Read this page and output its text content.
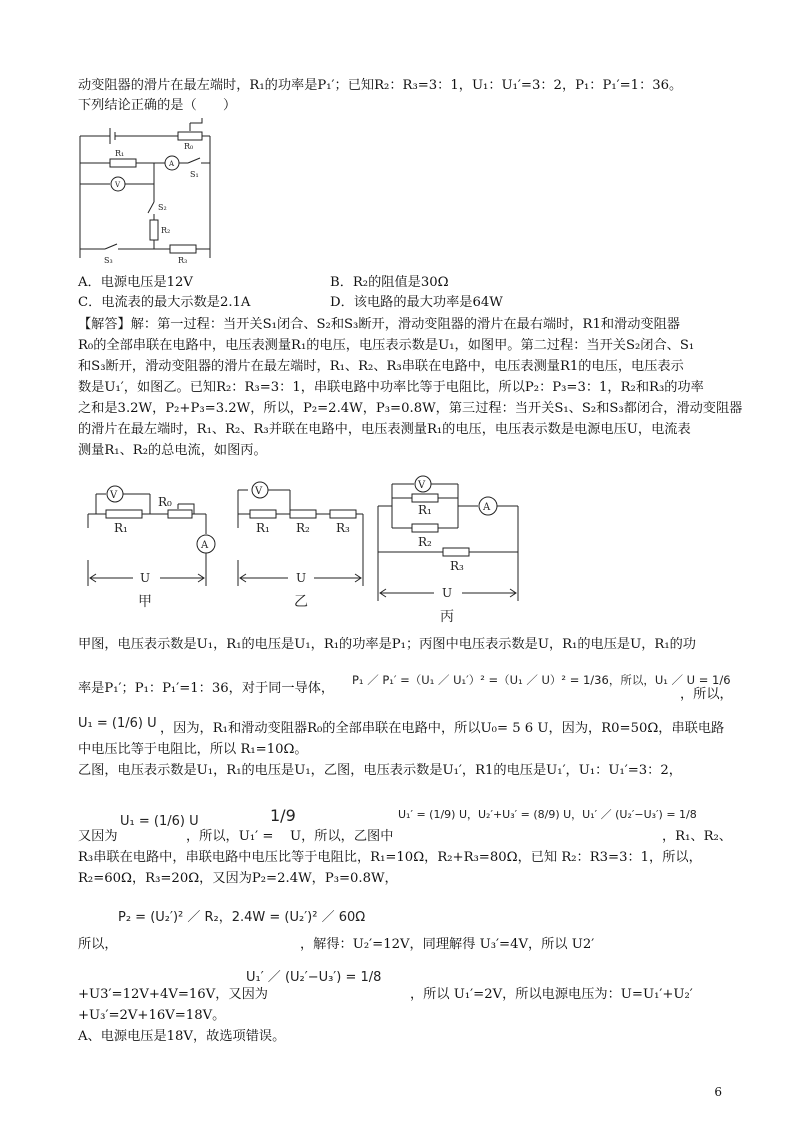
动变阻器的滑片在最左端时，R₁的功率是P₁′；已知R₂：R₃=3：1，U₁：U₁′=3：2，P₁：P₁′=1：36。
下列结论正确的是（　　）
R₀
R₁
A
V
S₁
S₂
R₂
S₃	R₃
A．电源电压是12V	B．R₂的阻值是30Ω
C．电流表的最大示数是2.1A	D．该电路的最大功率是64W
【解答】解：第一过程：当开关S₁闭合、S₂和S₃断开，滑动变阻器的滑片在最右端时，R1和滑动变阻器
R₀的全部串联在电路中，电压表测量R₁的电压，电压表示数是U₁，如图甲。第二过程：当开关S₂闭合、S₁
和S₃断开，滑动变阻器的滑片在最左端时，R₁、R₂、R₃串联在电路中，电压表测量R1的电压，电压表示
数是U₁′，如图乙。已知R₂：R₃=3：1，串联电路中功率比等于电阻比，所以P₂：P₃=3：1，R₂和R₃的功率
之和是3.2W，P₂+P₃=3.2W，所以，P₂=2.4W，P₃=0.8W，第三过程：当开关S₁、S₂和S₃都闭合，滑动变阻器
的滑片在最左端时，R₁、R₂、R₃并联在电路中，电压表测量R₁的电压，电压表示数是电源电压U，电流表
测量R₁、R₂的总电流，如图丙。
V
R₁
R₀
A
U
甲
V
R₁ R₂ R₃
U
乙
V
R₁
R₂
R₃
A
U
丙
甲图，电压表示数是U₁，R₁的电压是U₁，R₁的功率是P₁；丙图中电压表示数是U，R₁的电压是U，R₁的功
率是P₁′；P₁：P₁′=1：36，对于同一导体，
P₁ ／ P₁′ =（U₁ ／ U₁′）² =（U₁ ／ U）² = 1/36，所以，U₁ ／ U = 1/6
，所以，
U₁ = (1/6) U ，因为，R₁和滑动变阻器R₀的全部串联在电路中，所以U₀= 5 6 U，因为，R0=50Ω，串联电路
中电压比等于电阻比，所以 R₁=10Ω。
乙图，电压表示数是U₁，R₁的电压是U₁，乙图，电压表示数是U₁′，R1的电压是U₁′，U₁：U₁′=3：2，
U₁ = (1/6) U
又因为	，所以，U₁′ =
1/9
U，所以，乙图中
U₁′ = (1/9) U，U₂′+U₃′ = (8/9) U，U₁′ ／ (U₂′−U₃′) = 1/8
，R₁、R₂、
R₃串联在电路中，串联电路中电压比等于电阻比，R₁=10Ω，R₂+R₃=80Ω，已知 R₂：R3=3：1，所以，
R₂=60Ω，R₃=20Ω，又因为P₂=2.4W，P₃=0.8W，
P₂ = (U₂′)² ／ R₂，2.4W = (U₂′)² ／ 60Ω
所以，	，解得：U₂′=12V，同理解得 U₃′=4V，所以 U2′
+U3′=12V+4V=16V，又因为
U₁′ ／ (U₂′−U₃′) = 1/8
，所以 U₁′=2V，所以电源电压为：U=U₁′+U₂′
+U₃′=2V+16V=18V。
A、电源电压是18V，故选项错误。
6
